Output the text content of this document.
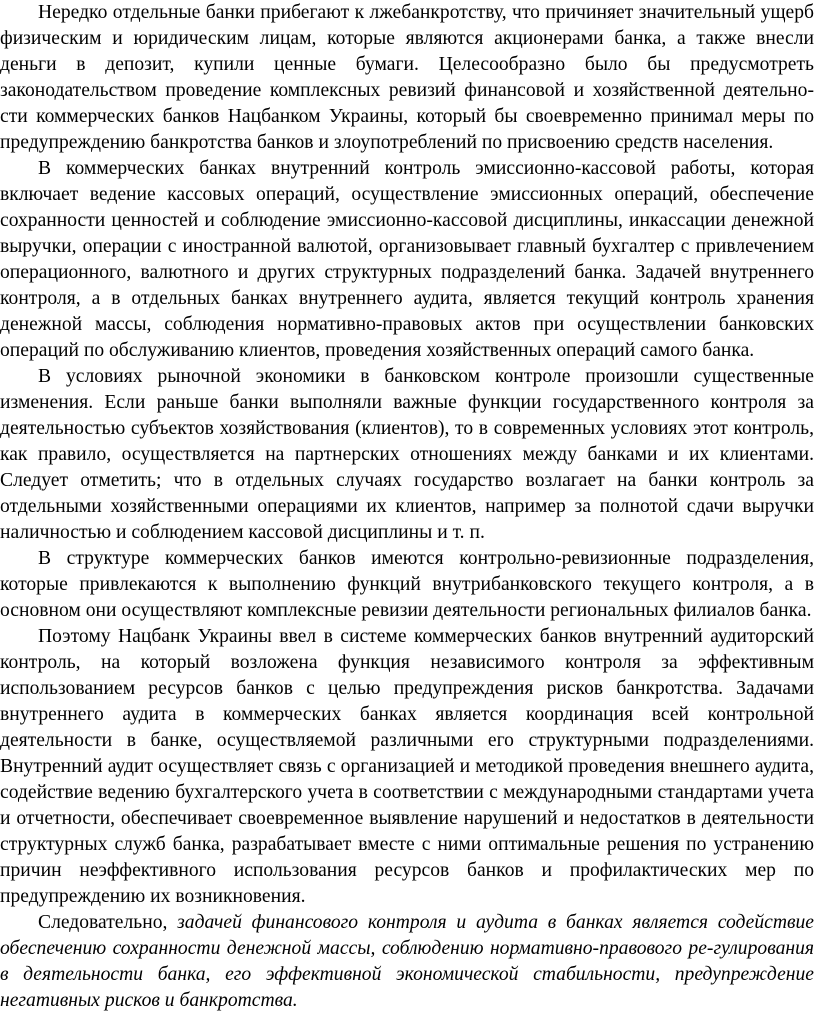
Нередко отдельные банки прибегают к лжебанкротству, что причиняет значительный ущерб физическим и юридическим лицам, которые являются акционерами банка, а также внесли деньги в депозит, купили ценные бумаги. Целесообразно было бы предусмотреть законодательством проведение комплексных ревизий финансовой и хозяйственной деятельно-сти коммерческих банков Нацбанком Украины, который бы своевременно принимал меры по предупреждению банкротства банков и злоупотреблений по присвоению средств населения.

В коммерческих банках внутренний контроль эмиссионно-кассовой работы, которая включает ведение кассовых операций, осуществление эмиссионных операций, обеспечение сохранности ценностей и соблюдение эмиссионно-кассовой дисциплины, инкассации денежной выручки, операции с иностранной валютой, организовывает главный бухгалтер с привлечением операционного, валютного и других структурных подразделений банка. Задачей внутреннего контроля, а в отдельных банках внутреннего аудита, является текущий контроль хранения денежной массы, соблюдения нормативно-правовых актов при осуществлении банковских операций по обслуживанию клиентов, проведения хозяйственных операций самого банка.

В условиях рыночной экономики в банковском контроле произошли существенные изменения. Если раньше банки выполняли важные функции государственного контроля за деятельностью субъектов хозяйствования (клиентов), то в современных условиях этот контроль, как правило, осуществляется на партнерских отношениях между банками и их клиентами. Следует отметить; что в отдельных случаях государство возлагает на банки контроль за отдельными хозяйственными операциями их клиентов, например за полнотой сдачи выручки наличностью и соблюдением кассовой дисциплины и т. п.

В структуре коммерческих банков имеются контрольно-ревизионные подразделения, которые привлекаются к выполнению функций внутрибанковского текущего контроля, а в основном они осуществляют комплексные ревизии деятельности региональных филиалов банка.

Поэтому Нацбанк Украины ввел в системе коммерческих банков внутренний аудиторский контроль, на который возложена функция независимого контроля за эффективным использованием ресурсов банков с целью предупреждения рисков банкротства. Задачами внутреннего аудита в коммерческих банках является координация всей контрольной деятельности в банке, осуществляемой различными его структурными подразделениями. Внутренний аудит осуществляет связь с организацией и методикой проведения внешнего аудита, содействие ведению бухгалтерского учета в соответствии с международными стандартами учета и отчетности, обеспечивает своевременное выявление нарушений и недостатков в деятельности структурных служб банка, разрабатывает вместе с ними оптимальные решения по устранению причин неэффективного использования ресурсов банков и профилактических мер по предупреждению их возникновения.

Следовательно, задачей финансового контроля и аудита в банках является содействие обеспечению сохранности денежной массы, соблюдению нормативно-правового ре-гулирования в деятельности банка, его эффективной экономической стабильности, предупреждение негативных рисков и банкротства.
